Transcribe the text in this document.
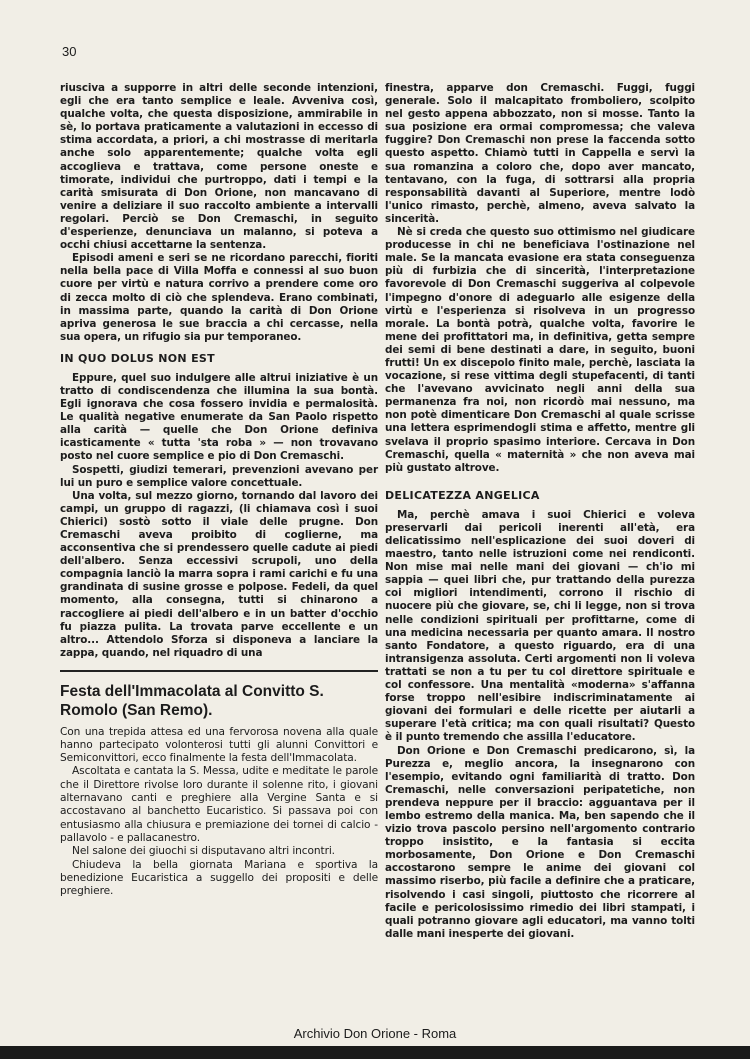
30

riusciva a supporre in altri delle seconde intenzioni, egli che era tanto semplice e leale. Avveniva così, qualche volta, che questa disposizione, ammirabile in sè, lo portava praticamente a valutazioni in eccesso di stima accordata, a priori, a chi mostrasse di meritarla anche solo apparentemente; qualche volta egli accoglieva e trattava, come persone oneste e timorate, individui che purtroppo, dati i tempi e la carità smisurata di Don Orione, non mancavano di venire a deliziare il suo raccolto ambiente a intervalli regolari. Perciò se Don Cremaschi, in seguito d'esperienze, denunciava un malanno, si poteva a occhi chiusi accettarne la sentenza.

Episodi ameni e seri se ne ricordano parecchi, fioriti nella bella pace di Villa Moffa e connessi al suo buon cuore per virtù e natura corrivo a prendere come oro di zecca molto di ciò che splendeva. Erano combinati, in massima parte, quando la carità di Don Orione apriva generosa le sue braccia a chi cercasse, nella sua opera, un rifugio sia pur temporaneo.

IN QUO DOLUS NON EST

Eppure, quel suo indulgere alle altrui iniziative è un tratto di condiscendenza che illumina la sua bontà. Egli ignorava che cosa fossero invidia e permalosità. Le qualità negative enumerate da San Paolo rispetto alla carità — quelle che Don Orione definiva icasticamente « tutta 'sta roba » — non trovavano posto nel cuore semplice e pio di Don Cremaschi.

Sospetti, giudizi temerari, prevenzioni avevano per lui un puro e semplice valore concettuale.

Una volta, sul mezzo giorno, tornando dal lavoro dei campi, un gruppo di ragazzi, (li chiamava così i suoi Chierici) sostò sotto il viale delle prugne. Don Cremaschi aveva proibito di coglierne, ma acconsentiva che si prendessero quelle cadute ai piedi dell'albero. Senza eccessivi scrupoli, uno della compagnia lanciò la marra sopra i rami carichi e fu una grandinata di susine grosse e polpose. Fedeli, da quel momento, alla consegna, tutti si chinarono a raccogliere ai piedi dell'albero e in un batter d'occhio fu piazza pulita. La trovata parve eccellente e un altro... Attendolo Sforza si disponeva a lanciare la zappa, quando, nel riquadro di una

Festa dell'Immacolata al Convitto S. Romolo (San Remo).

Con una trepida attesa ed una fervorosa novena alla quale hanno partecipato volonterosi tutti gli alunni Convittori e Semiconvittori, ecco finalmente la festa dell'Immacolata.

Ascoltata e cantata la S. Messa, udite e meditate le parole che il Direttore rivolse loro durante il solenne rito, i giovani alternavano canti e preghiere alla Vergine Santa e si accostavano al banchetto Eucaristico. Si passava poi con entusiasmo alla chiusura e premiazione dei tornei di calcio - pallavolo - e pallacanestro.

Nel salone dei giuochi si disputavano altri incontri.

Chiudeva la bella giornata Mariana e sportiva la benedizione Eucaristica a suggello dei propositi e delle preghiere.

finestra, apparve don Cremaschi. Fuggi, fuggi generale. Solo il malcapitato fromboliero, scolpito nel gesto appena abbozzato, non si mosse. Tanto la sua posizione era ormai compromessa; che valeva fuggire? Don Cremaschi non prese la faccenda sotto questo aspetto. Chiamò tutti in Cappella e servì la sua romanzina a coloro che, dopo aver mancato, tentavano, con la fuga, di sottrarsi alla propria responsabilità davanti al Superiore, mentre lodò l'unico rimasto, perchè, almeno, aveva salvato la sincerità.

Nè si creda che questo suo ottimismo nel giudicare producesse in chi ne beneficiava l'ostinazione nel male. Se la mancata evasione era stata conseguenza più di furbizia che di sincerità, l'interpretazione favorevole di Don Cremaschi suggeriva al colpevole l'impegno d'onore di adeguarlo alle esigenze della virtù e l'esperienza si risolveva in un progresso morale. La bontà potrà, qualche volta, favorire le mene dei profittatori ma, in definitiva, getta sempre dei semi di bene destinati a dare, in seguito, buoni frutti! Un ex discepolo finito male, perchè, lasciata la vocazione, si rese vittima degli stupefacenti, di tanti che l'avevano avvicinato negli anni della sua permanenza fra noi, non ricordò mai nessuno, ma non potè dimenticare Don Cremaschi al quale scrisse una lettera esprimendogli stima e affetto, mentre gli svelava il proprio spasimo interiore. Cercava in Don Cremaschi, quella « maternità » che non aveva mai più gustato altrove.

DELICATEZZA ANGELICA

Ma, perchè amava i suoi Chierici e voleva preservarli dai pericoli inerenti all'età, era delicatissimo nell'esplicazione dei suoi doveri di maestro, tanto nelle istruzioni come nei rendiconti. Non mise mai nelle mani dei giovani — ch'io mi sappia — quei libri che, pur trattando della purezza coi migliori intendimenti, corrono il rischio di nuocere più che giovare, se, chi li legge, non si trova nelle condizioni spirituali per profittarne, come di una medicina necessaria per quanto amara. Il nostro santo Fondatore, a questo riguardo, era di una intransigenza assoluta. Certi argomenti non li voleva trattati se non a tu per tu col direttore spirituale e col confessore. Una mentalità «moderna» s'affanna forse troppo nell'esibire indiscriminatamente ai giovani dei formulari e delle ricette per aiutarli a superare l'età critica; ma con quali risultati? Questo è il punto tremendo che assilla l'educatore.

Don Orione e Don Cremaschi predicarono, sì, la Purezza e, meglio ancora, la insegnarono con l'esempio, evitando ogni familiarità di tratto. Don Cremaschi, nelle conversazioni peripatetiche, non prendeva neppure per il braccio: agguantava per il lembo estremo della manica. Ma, ben sapendo che il vizio trova pascolo persino nell'argomento contrario troppo insistito, e la fantasia si eccita morbosamente, Don Orione e Don Cremaschi accostarono sempre le anime dei giovani col massimo riserbo, più facile a definire che a praticare, risolvendo i casi singoli, piuttosto che ricorrere al facile e pericolosissimo rimedio dei libri stampati, i quali potranno giovare agli educatori, ma vanno tolti dalle mani inesperte dei giovani.

Archivio Don Orione - Roma
